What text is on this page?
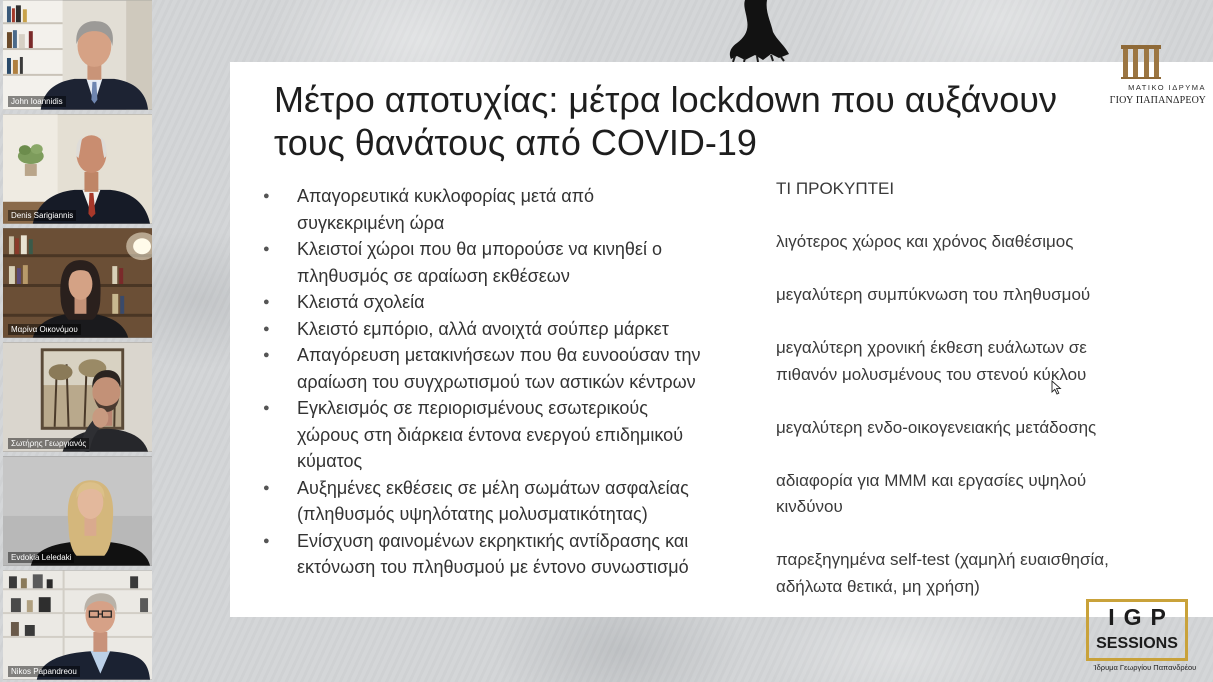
John Ioannidis
Denis Sarigiannis
Μαρίνα Οικονόμου
Σωτήρης Γεωργιανός
Evdokia Leledaki
Nikos Papandreou
Μέτρο αποτυχίας: μέτρα lockdown που αυξάνουν
τους θανάτους από COVID-19
● Απαγορευτικά κυκλοφορίας μετά από
συγκεκριμένη ώρα
● Κλειστοί χώροι που θα μπορούσε να κινηθεί ο
πληθυσμός σε αραίωση εκθέσεων
● Κλειστά σχολεία
● Κλειστό εμπόριο, αλλά ανοιχτά σούπερ μάρκετ
● Απαγόρευση μετακινήσεων που θα ευνοούσαν την
αραίωση του συγχρωτισμού των αστικών κέντρων
● Εγκλεισμός σε περιορισμένους εσωτερικούς
χώρους στη διάρκεια έντονα ενεργού επιδημικού
κύματος
● Αυξημένες εκθέσεις σε μέλη σωμάτων ασφαλείας
(πληθυσμός υψηλότατης μολυσματικότητας)
● Ενίσχυση φαινομένων εκρηκτικής αντίδρασης και
εκτόνωση του πληθυσμού με έντονο συνωστισμό
ΤΙ ΠΡΟΚΥΠΤΕΙ
λιγότερος χώρος και χρόνος διαθέσιμος
μεγαλύτερη συμπύκνωση του πληθυσμού
μεγαλύτερη χρονική έκθεση ευάλωτων σε
πιθανόν μολυσμένους του στενού κύκλου
μεγαλύτερη ενδο-οικογενειακής μετάδοσης
αδιαφορία για ΜΜΜ και εργασίες υψηλού
κινδύνου
παρεξηγημένα self-test (χαμηλή ευαισθησία,
αδήλωτα θετικά, μη χρήση)
ΜΑΤΙΚΟ ΙΔΡΥΜΑ
ΓΙΟΥ ΠΑΠΑΝΔΡΕΟΥ
IGP
SESSIONS
Ίδρυμα Γεωργίου Παπανδρέου
